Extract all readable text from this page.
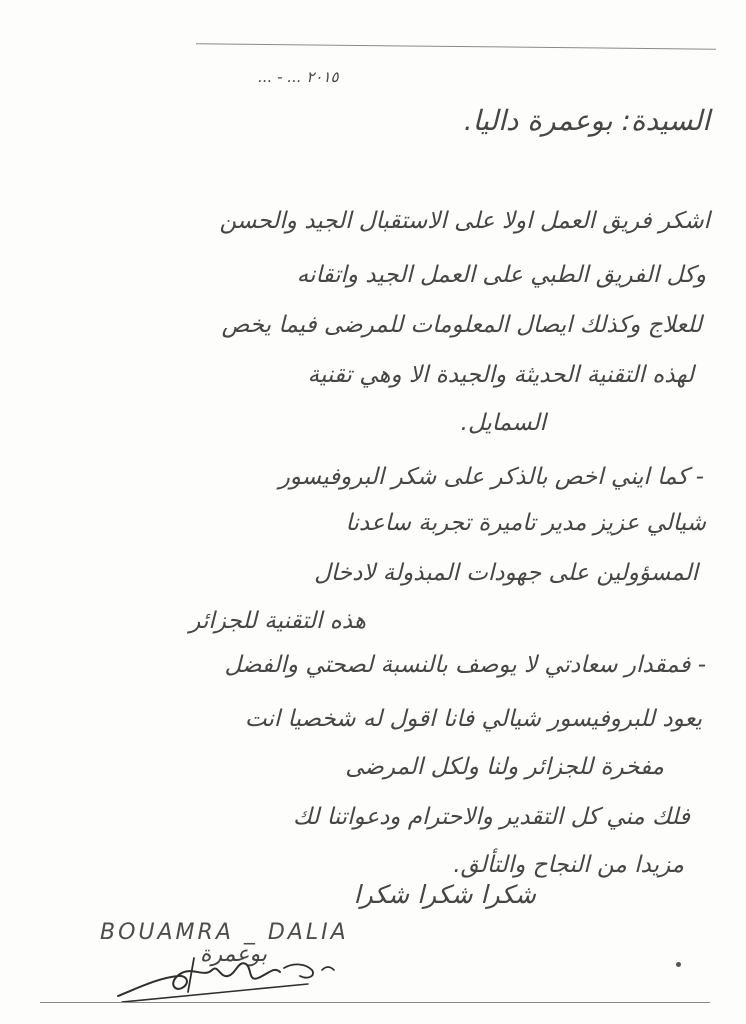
... - ... ٢٠١٥
السيدة: بوعمرة داليا.
اشكر فريق العمل اولا على الاستقبال الجيد والحسن
وكل الفريق الطبي على العمل الجيد واتقانه
للعلاج وكذلك ايصال المعلومات للمرضى فيما يخص
لهذه التقنية الحديثة والجيدة الا وهي تقنية
السمايل.
- كما ايني اخص بالذكر على شكر البروفيسور
شيالي عزيز مدير تاميرة تجربة ساعدنا
المسؤولين على جهودات المبذولة لادخال
هذه التقنية للجزائر
- فمقدار سعادتي لا يوصف بالنسبة لصحتي والفضل
يعود للبروفيسور شيالي فانا اقول له شخصيا انت
مفخرة للجزائر ولنا ولكل المرضى
فلك مني كل التقدير والاحترام ودعواتنا لك
مزيدا من النجاح والتألق.
شكرا شكرا شكرا
BOUAMRA _ DALIA
بوعمرة
